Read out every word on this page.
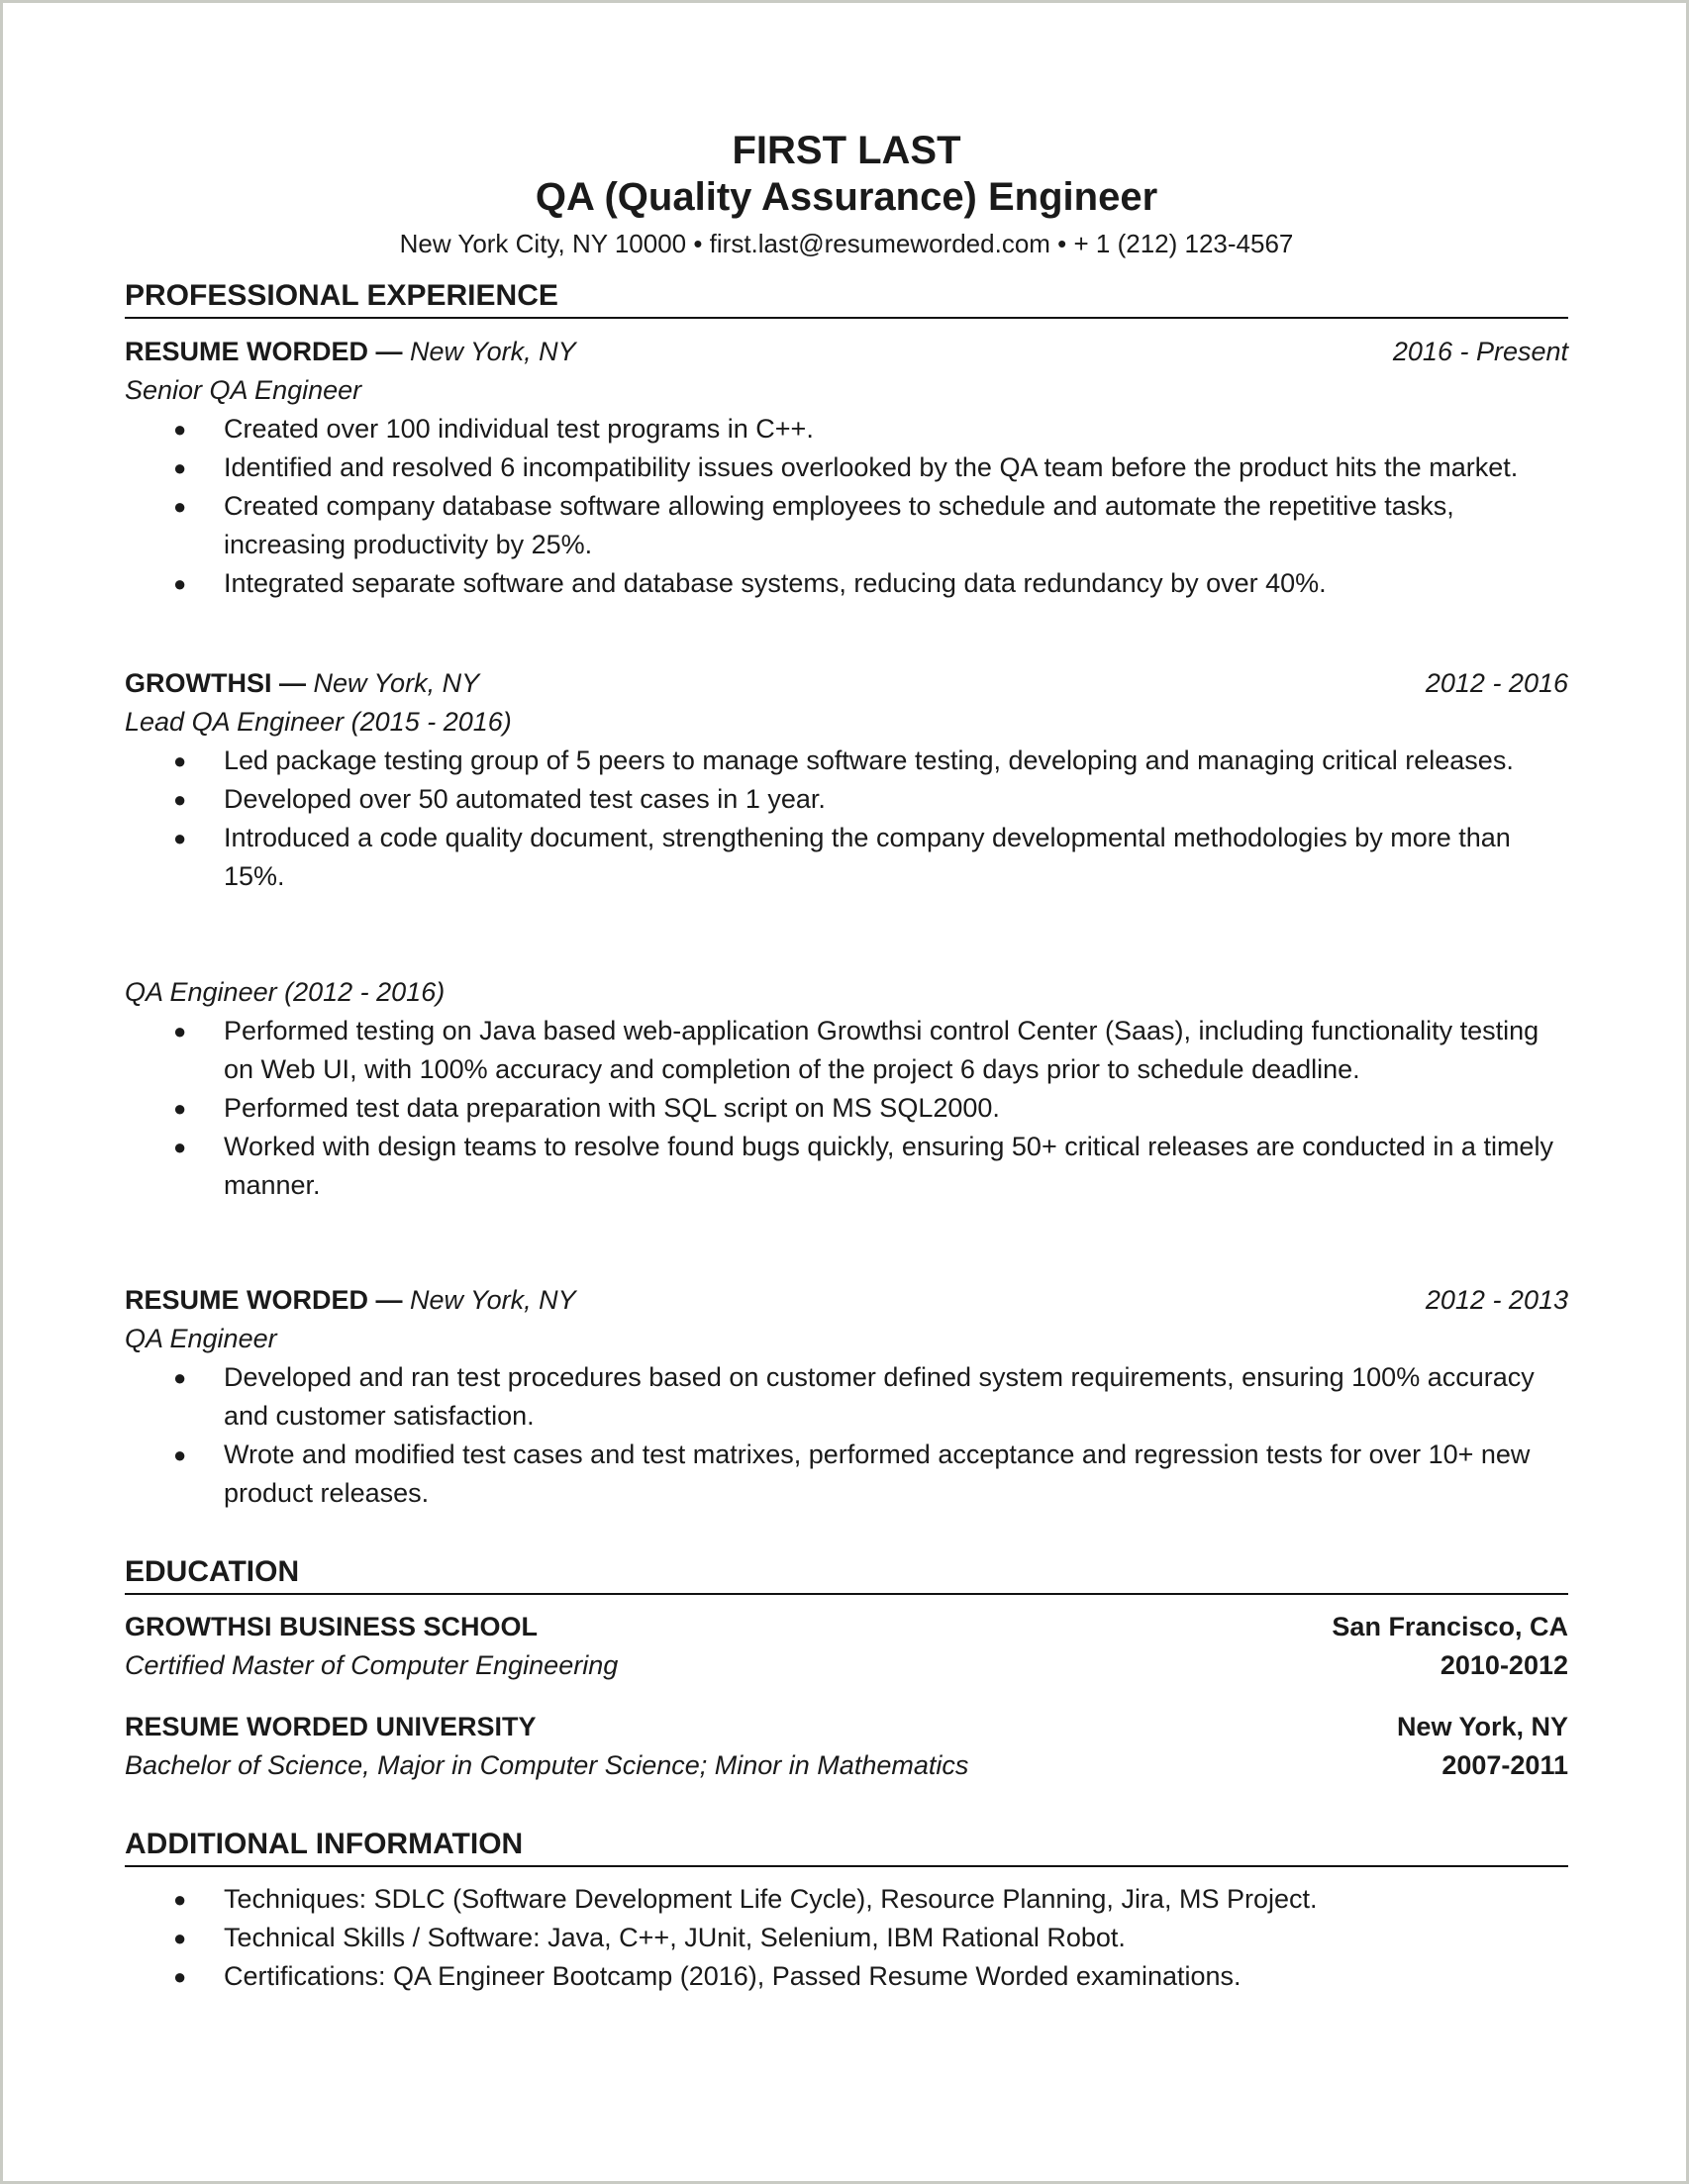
FIRST LAST
QA (Quality Assurance) Engineer
New York City, NY 10000 • first.last@resumeworded.com • + 1 (212) 123-4567
PROFESSIONAL EXPERIENCE
RESUME WORDED — New York, NY	2016 - Present
Senior QA Engineer
● Created over 100 individual test programs in C++.
● Identified and resolved 6 incompatibility issues overlooked by the QA team before the product hits the market.
● Created company database software allowing employees to schedule and automate the repetitive tasks, increasing productivity by 25%.
● Integrated separate software and database systems, reducing data redundancy by over 40%.
GROWTHSI — New York, NY	2012 - 2016
Lead QA Engineer (2015 - 2016)
● Led package testing group of 5 peers to manage software testing, developing and managing critical releases.
● Developed over 50 automated test cases in 1 year.
● Introduced a code quality document, strengthening the company developmental methodologies by more than 15%.
QA Engineer (2012 - 2016)
● Performed testing on Java based web-application Growthsi control Center (Saas), including functionality testing on Web UI, with 100% accuracy and completion of the project 6 days prior to schedule deadline.
● Performed test data preparation with SQL script on MS SQL2000.
● Worked with design teams to resolve found bugs quickly, ensuring 50+ critical releases are conducted in a timely manner.
RESUME WORDED — New York, NY	2012 - 2013
QA Engineer
● Developed and ran test procedures based on customer defined system requirements, ensuring 100% accuracy and customer satisfaction.
● Wrote and modified test cases and test matrixes, performed acceptance and regression tests for over 10+ new product releases.
EDUCATION
GROWTHSI BUSINESS SCHOOL	San Francisco, CA
Certified Master of Computer Engineering	2010-2012
RESUME WORDED UNIVERSITY	New York, NY
Bachelor of Science, Major in Computer Science; Minor in Mathematics	2007-2011
ADDITIONAL INFORMATION
● Techniques: SDLC (Software Development Life Cycle), Resource Planning, Jira, MS Project.
● Technical Skills / Software: Java, C++, JUnit, Selenium, IBM Rational Robot.
● Certifications: QA Engineer Bootcamp (2016), Passed Resume Worded examinations.
